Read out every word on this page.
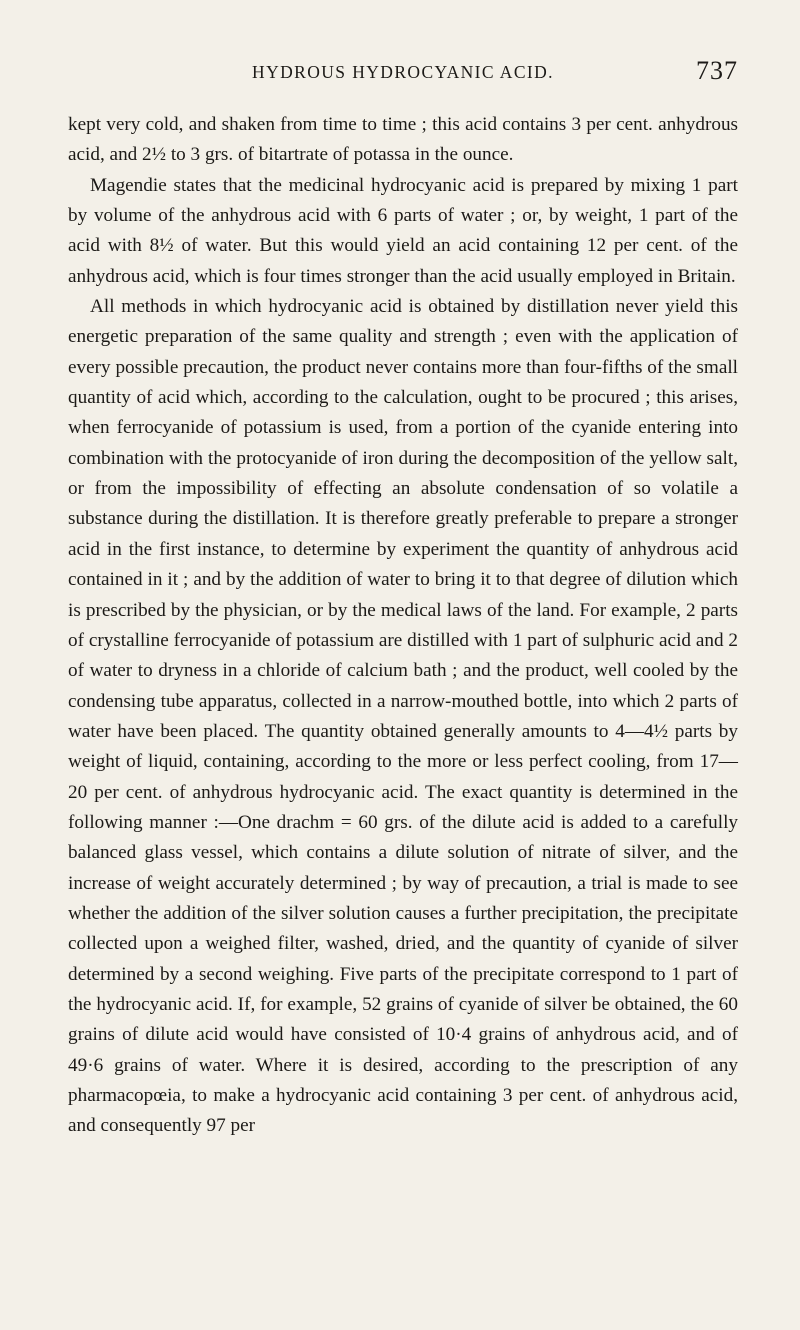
HYDROUS HYDROCYANIC ACID.	737

kept very cold, and shaken from time to time ; this acid contains 3 per cent. anhydrous acid, and 2½ to 3 grs. of bitartrate of potassa in the ounce.

Magendie states that the medicinal hydrocyanic acid is prepared by mixing 1 part by volume of the anhydrous acid with 6 parts of water ; or, by weight, 1 part of the acid with 8½ of water. But this would yield an acid containing 12 per cent. of the anhydrous acid, which is four times stronger than the acid usually employed in Britain.

All methods in which hydrocyanic acid is obtained by distillation never yield this energetic preparation of the same quality and strength ; even with the application of every possible precaution, the product never contains more than four-fifths of the small quantity of acid which, according to the calculation, ought to be procured ; this arises, when ferrocyanide of potassium is used, from a portion of the cyanide entering into combination with the protocyanide of iron during the decomposition of the yellow salt, or from the impossibility of effecting an absolute condensation of so volatile a substance during the distillation. It is therefore greatly preferable to prepare a stronger acid in the first instance, to determine by experiment the quantity of anhydrous acid contained in it ; and by the addition of water to bring it to that degree of dilution which is prescribed by the physician, or by the medical laws of the land. For example, 2 parts of crystalline ferrocyanide of potassium are distilled with 1 part of sulphuric acid and 2 of water to dryness in a chloride of calcium bath ; and the product, well cooled by the condensing tube apparatus, collected in a narrow-mouthed bottle, into which 2 parts of water have been placed. The quantity obtained generally amounts to 4—4½ parts by weight of liquid, containing, according to the more or less perfect cooling, from 17—20 per cent. of anhydrous hydrocyanic acid. The exact quantity is determined in the following manner :—One drachm = 60 grs. of the dilute acid is added to a carefully balanced glass vessel, which contains a dilute solution of nitrate of silver, and the increase of weight accurately determined ; by way of precaution, a trial is made to see whether the addition of the silver solution causes a further precipitation, the precipitate collected upon a weighed filter, washed, dried, and the quantity of cyanide of silver determined by a second weighing. Five parts of the precipitate correspond to 1 part of the hydrocyanic acid. If, for example, 52 grains of cyanide of silver be obtained, the 60 grains of dilute acid would have consisted of 10·4 grains of anhydrous acid, and of 49·6 grains of water. Where it is desired, according to the prescription of any pharmacopœia, to make a hydrocyanic acid containing 3 per cent. of anhydrous acid, and consequently 97 per
